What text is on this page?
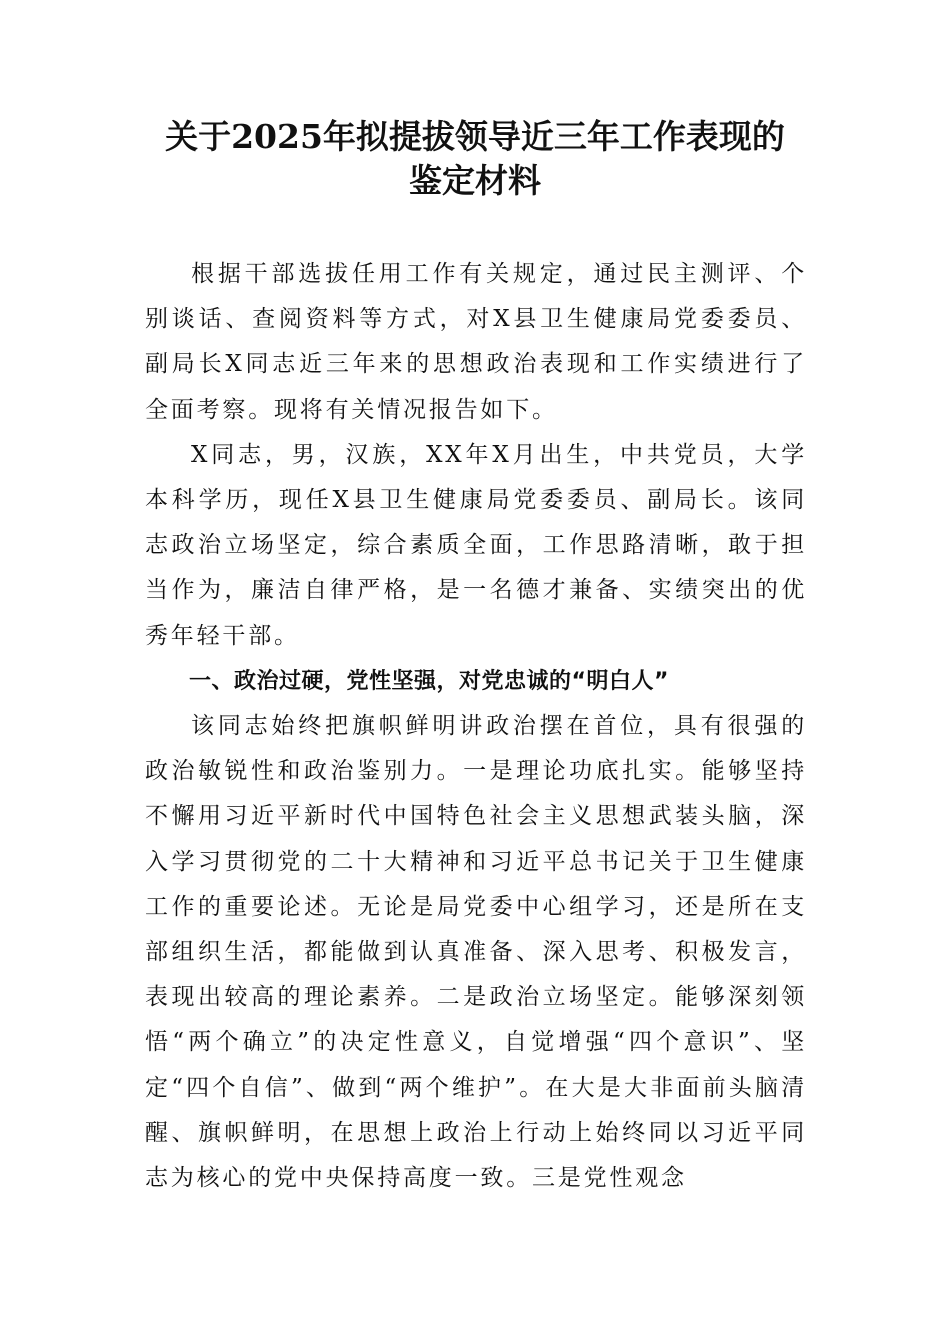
关于2025年拟提拔领导近三年工作表现的
鉴定材料

根据干部选拔任用工作有关规定，通过民主测评、个别谈话、查阅资料等方式，对X县卫生健康局党委委员、副局长X同志近三年来的思想政治表现和工作实绩进行了全面考察。现将有关情况报告如下。

X同志，男，汉族，XX年X月出生，中共党员，大学本科学历，现任X县卫生健康局党委委员、副局长。该同志政治立场坚定，综合素质全面，工作思路清晰，敢于担当作为，廉洁自律严格，是一名德才兼备、实绩突出的优秀年轻干部。

一、政治过硬，党性坚强，对党忠诚的“明白人”

该同志始终把旗帜鲜明讲政治摆在首位，具有很强的政治敏锐性和政治鉴别力。一是理论功底扎实。能够坚持不懈用习近平新时代中国特色社会主义思想武装头脑，深入学习贯彻党的二十大精神和习近平总书记关于卫生健康工作的重要论述。无论是局党委中心组学习，还是所在支部组织生活，都能做到认真准备、深入思考、积极发言，表现出较高的理论素养。二是政治立场坚定。能够深刻领悟“两个确立”的决定性意义，自觉增强“四个意识”、坚定“四个自信”、做到“两个维护”。在大是大非面前头脑清醒、旗帜鲜明，在思想上政治上行动上始终同以习近平同志为核心的党中央保持高度一致。三是党性观念
